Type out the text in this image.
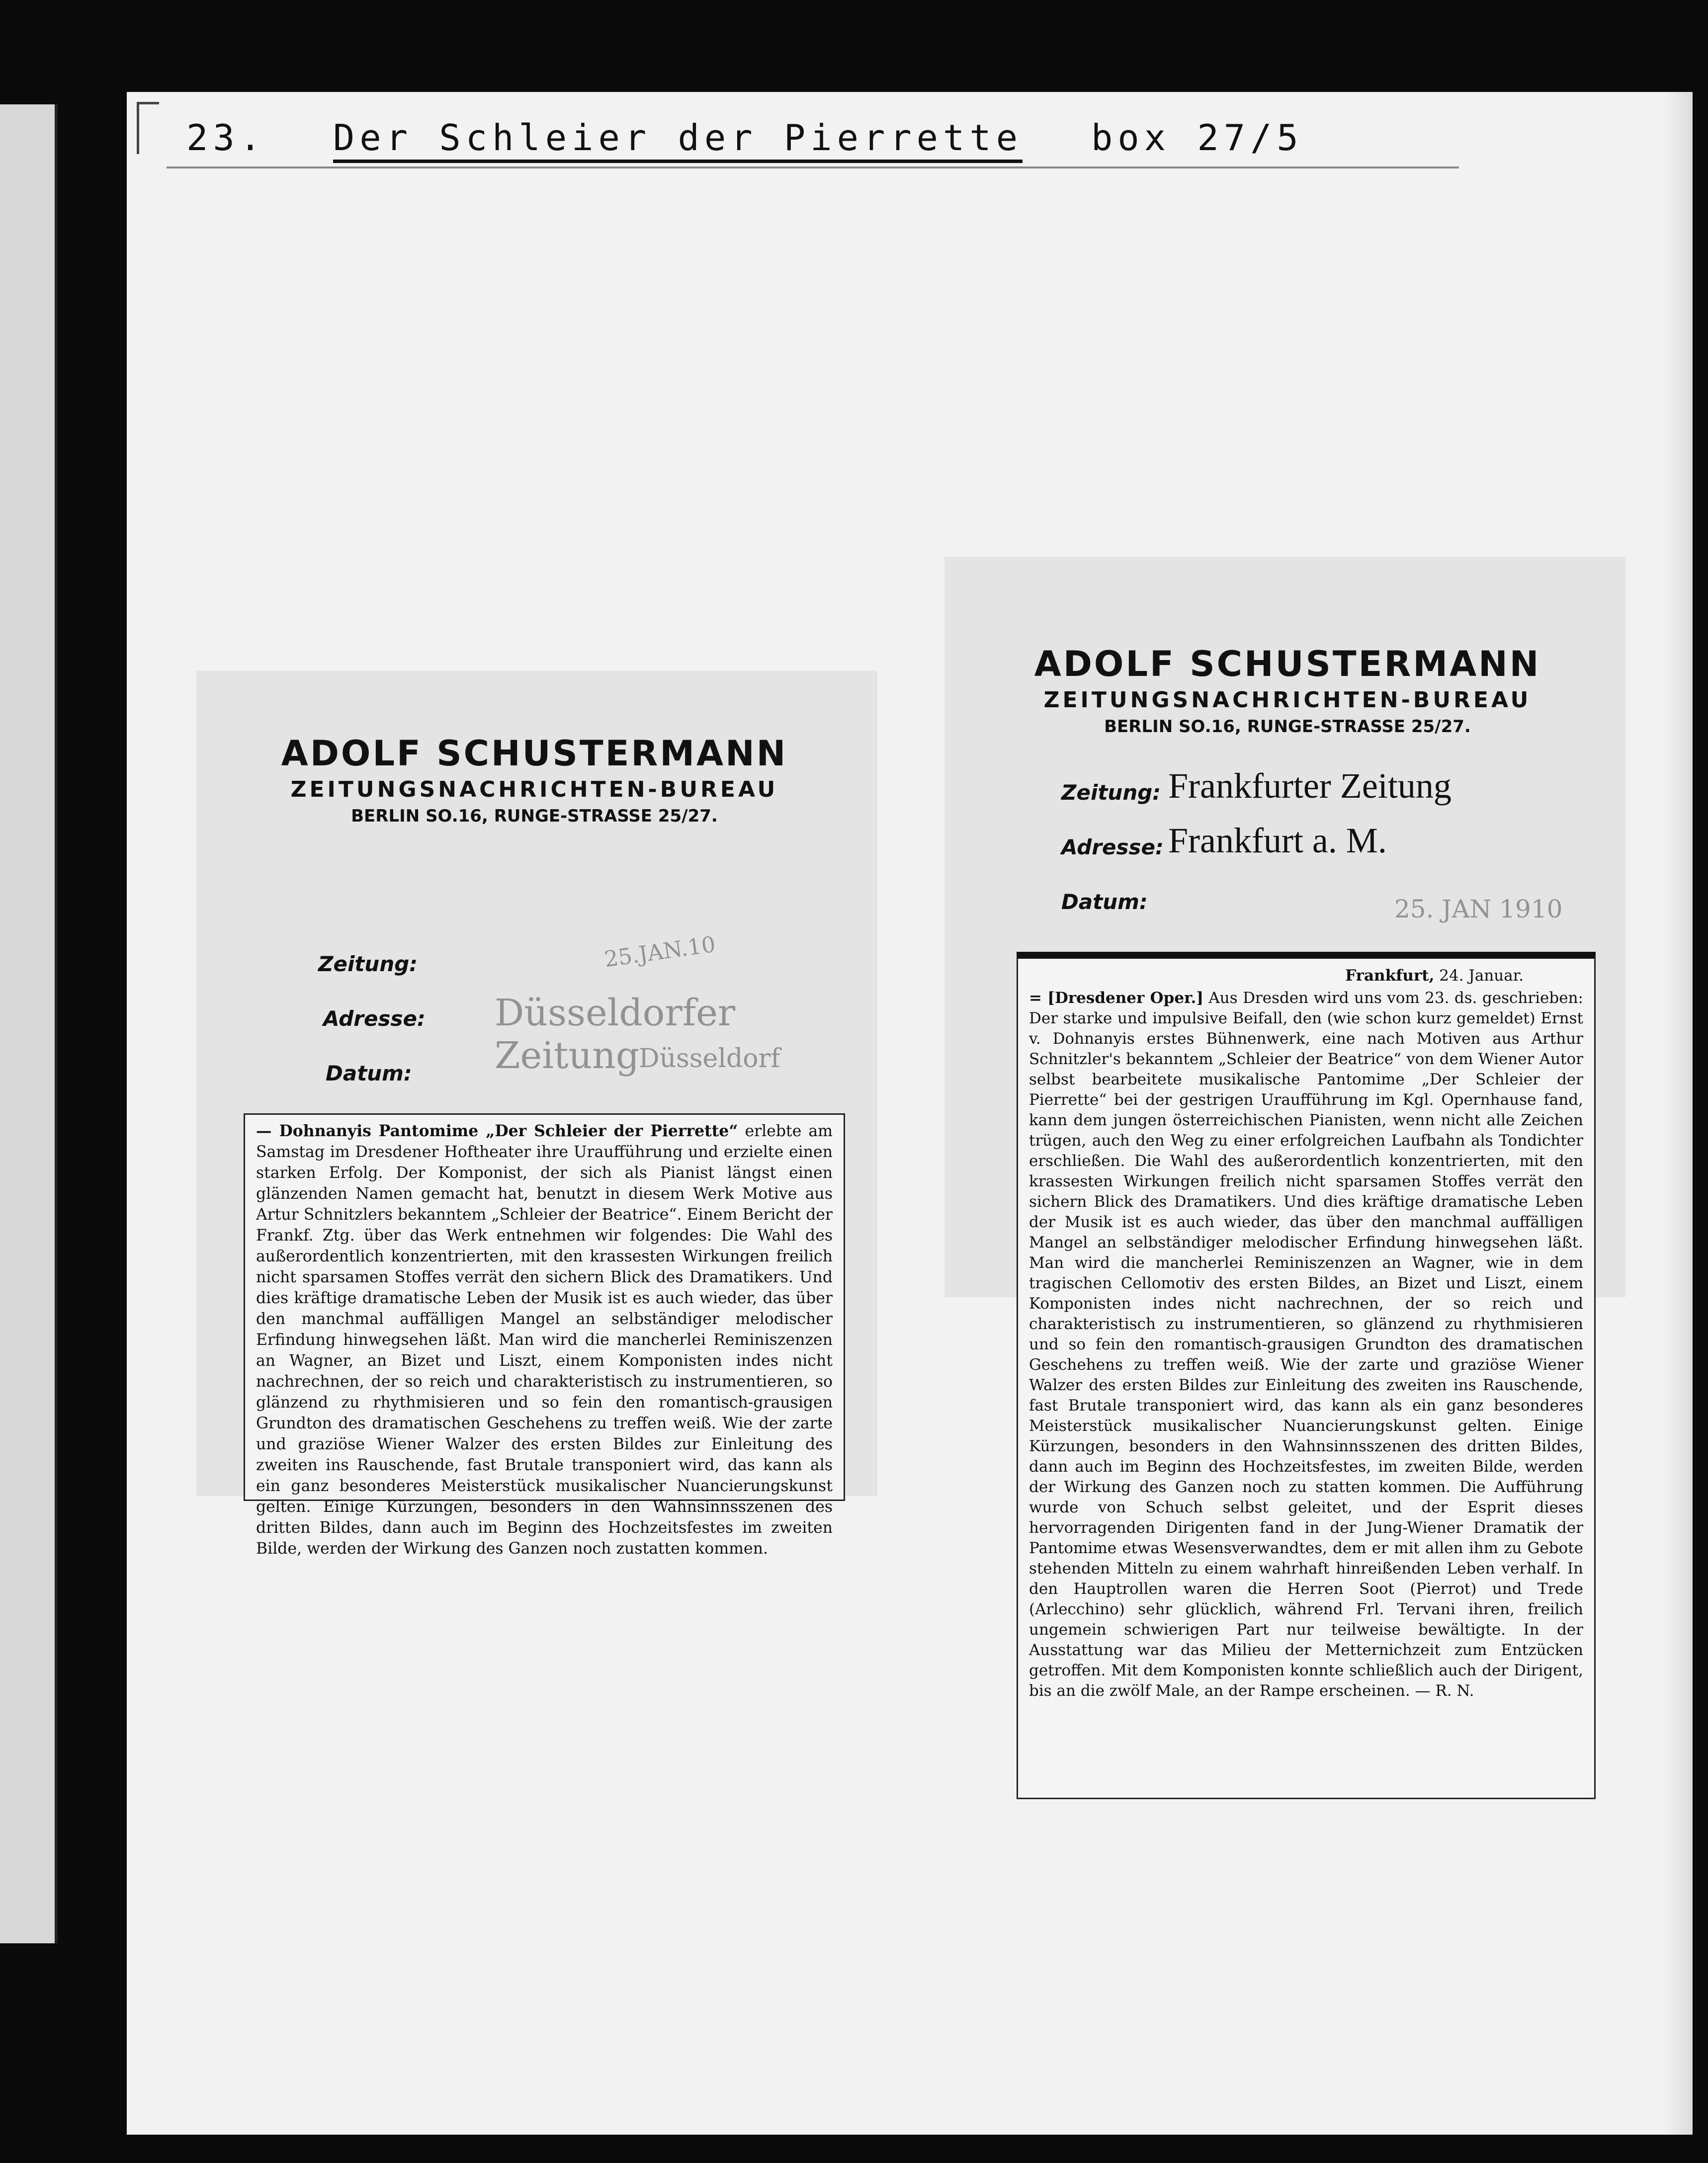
23. Der Schleier der Pierrette box 27/5
ADOLF SCHUSTERMANN
ZEITUNGSNACHRICHTEN-BUREAU
BERLIN SO.16, RUNGE-STRASSE 25/27.
Zeitung:
Adresse:
Datum:
25.JAN.10
Düsseldorfer Zeitung
Düsseldorf
— Dohnanyis Pantomime „Der Schleier der Pierrette“ erlebte am Samstag im Dresdener Hoftheater ihre Uraufführung und erzielte einen starken Erfolg. Der Komponist, der sich als Pianist längst einen glänzenden Namen gemacht hat, benutzt in diesem Werk Motive aus Artur Schnitzlers bekanntem „Schleier der Beatrice“. Einem Bericht der Frankf. Ztg. über das Werk entnehmen wir folgendes: Die Wahl des außerordentlich konzentrierten, mit den krassesten Wirkungen freilich nicht sparsamen Stoffes verrät den sichern Blick des Dramatikers. Und dies kräftige dramatische Leben der Musik ist es auch wieder, das über den manchmal auffälligen Mangel an selbständiger melodischer Erfindung hinwegsehen läßt. Man wird die mancherlei Reminiszenzen an Wagner, an Bizet und Liszt, einem Komponisten indes nicht nachrechnen, der so reich und charakteristisch zu instrumentieren, so glänzend zu rhythmisieren und so fein den romantisch-grausigen Grundton des dramatischen Geschehens zu treffen weiß. Wie der zarte und graziöse Wiener Walzer des ersten Bildes zur Einleitung des zweiten ins Rauschende, fast Brutale transponiert wird, das kann als ein ganz besonderes Meisterstück musikalischer Nuancierungskunst gelten. Einige Kürzungen, besonders in den Wahnsinnsszenen des dritten Bildes, dann auch im Beginn des Hochzeitsfestes im zweiten Bilde, werden der Wirkung des Ganzen noch zustatten kommen.
ADOLF SCHUSTERMANN
ZEITUNGSNACHRICHTEN-BUREAU
BERLIN SO.16, RUNGE-STRASSE 25/27.
Zeitung: Frankfurter Zeitung
Adresse: Frankfurt a. M.
Datum:	25. JAN 1910
Frankfurt, 24. Januar.
= [Dresdener Oper.] Aus Dresden wird uns vom 23. ds. geschrieben: Der starke und impulsive Beifall, den (wie schon kurz gemeldet) Ernst v. Dohnanyis erstes Bühnenwerk, eine nach Motiven aus Arthur Schnitzler's bekanntem „Schleier der Beatrice“ von dem Wiener Autor selbst bearbeitete musikalische Pantomime „Der Schleier der Pierrette“ bei der gestrigen Uraufführung im Kgl. Opernhause fand, kann dem jungen österreichischen Pianisten, wenn nicht alle Zeichen trügen, auch den Weg zu einer erfolgreichen Laufbahn als Tondichter erschließen. Die Wahl des außerordentlich konzentrierten, mit den krassesten Wirkungen freilich nicht sparsamen Stoffes verrät den sichern Blick des Dramatikers. Und dies kräftige dramatische Leben der Musik ist es auch wieder, das über den manchmal auffälligen Mangel an selbständiger melodischer Erfindung hinwegsehen läßt. Man wird die mancherlei Reminiszenzen an Wagner, wie in dem tragischen Cellomotiv des ersten Bildes, an Bizet und Liszt, einem Komponisten indes nicht nachrechnen, der so reich und charakteristisch zu instrumentieren, so glänzend zu rhythmisieren und so fein den romantisch-grausigen Grundton des dramatischen Geschehens zu treffen weiß. Wie der zarte und graziöse Wiener Walzer des ersten Bildes zur Einleitung des zweiten ins Rauschende, fast Brutale transponiert wird, das kann als ein ganz besonderes Meisterstück musikalischer Nuancierungskunst gelten. Einige Kürzungen, besonders in den Wahnsinnsszenen des dritten Bildes, dann auch im Beginn des Hochzeitsfestes, im zweiten Bilde, werden der Wirkung des Ganzen noch zu statten kommen. Die Aufführung wurde von Schuch selbst geleitet, und der Esprit dieses hervorragenden Dirigenten fand in der Jung-Wiener Dramatik der Pantomime etwas Wesensverwandtes, dem er mit allen ihm zu Gebote stehenden Mitteln zu einem wahrhaft hinreißenden Leben verhalf. In den Hauptrollen waren die Herren Soot (Pierrot) und Trede (Arlecchino) sehr glücklich, während Frl. Tervani ihren, freilich ungemein schwierigen Part nur teilweise bewältigte. In der Ausstattung war das Milieu der Metternichzeit zum Entzücken getroffen. Mit dem Komponisten konnte schließlich auch der Dirigent, bis an die zwölf Male, an der Rampe erscheinen. — R. N.
